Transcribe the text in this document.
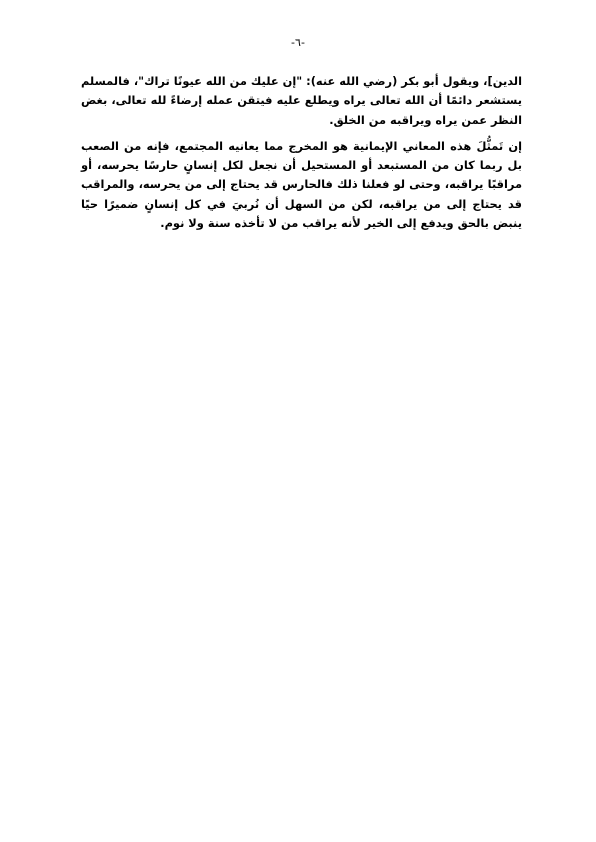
-٦-

الدين]، ويقول أبو بكر (رضي الله عنه): "إن عليك من الله عيونًا تراك"، فالمسلم يستشعر دائمًا أن الله تعالى يراه ويطلع عليه فيتقن عمله إرضاءً لله تعالى، بغض النظر عمن يراه ويراقبه من الخلق.

إن تَمثُّلَ هذه المعاني الإيمانية هو المخرج مما يعانيه المجتمع، فإنه من الصعب بل ربما كان من المستبعد أو المستحيل أن نجعل لكل إنسانٍ حارسًا يحرسه، أو مراقبًا يراقبه، وحتى لو فعلنا ذلك فالحارس قد يحتاج إلى من يحرسه، والمراقب قد يحتاج إلى من يراقبه، لكن من السهل أن نُربيَ في كل إنسانٍ ضميرًا حيًا ينبض بالحق ويدفع إلى الخير لأنه يراقب من لا تأخذه سنة ولا نوم.
